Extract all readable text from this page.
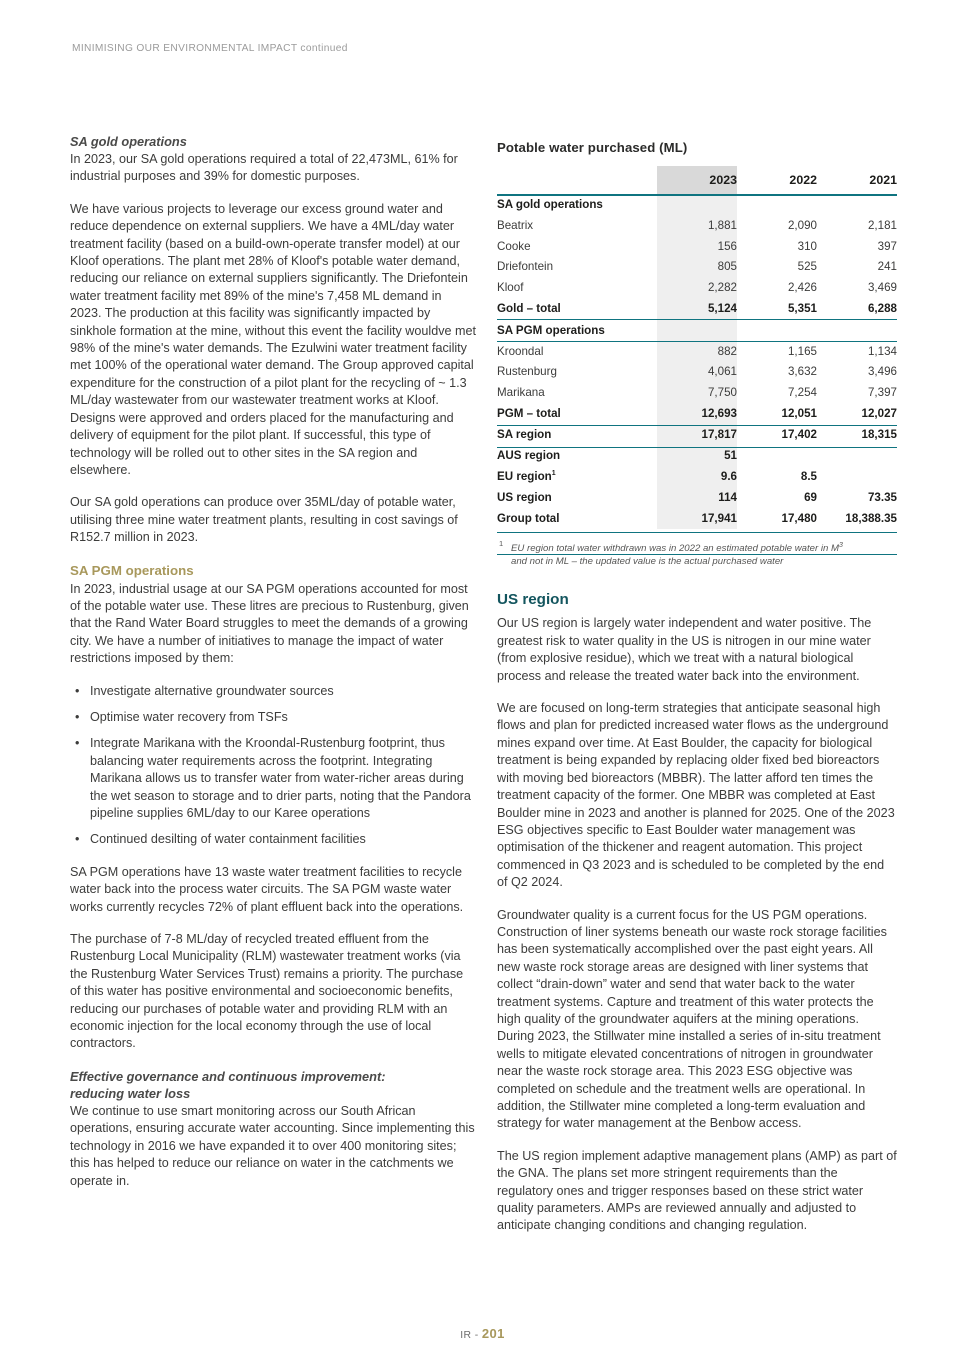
MINIMISING OUR ENVIRONMENTAL IMPACT continued
SA gold operations

In 2023, our SA gold operations required a total of 22,473ML, 61% for industrial purposes and 39% for domestic purposes.

We have various projects to leverage our excess ground water and reduce dependence on external suppliers. We have a 4ML/day water treatment facility (based on a build-own-operate transfer model) at our Kloof operations. The plant met 28% of Kloof's potable water demand, reducing our reliance on external suppliers significantly. The Driefontein water treatment facility met 89% of the mine's 7,458 ML demand in 2023. The production at this facility was significantly impacted by sinkhole formation at the mine, without this event the facility wouldve met 98% of the mine's water demands. The Ezulwini water treatment facility met 100% of the operational water demand. The Group approved capital expenditure for the construction of a pilot plant for the recycling of ~ 1.3 ML/day wastewater from our wastewater treatment works at Kloof. Designs were approved and orders placed for the manufacturing and delivery of equipment for the pilot plant. If successful, this type of technology will be rolled out to other sites in the SA region and elsewhere.

Our SA gold operations can produce over 35ML/day of potable water, utilising three mine water treatment plants, resulting in cost savings of R152.7 million in 2023.

SA PGM operations

In 2023, industrial usage at our SA PGM operations accounted for most of the potable water use. These litres are precious to Rustenburg, given that the Rand Water Board struggles to meet the demands of a growing city. We have a number of initiatives to manage the impact of water restrictions imposed by them:

• Investigate alternative groundwater sources
• Optimise water recovery from TSFs
• Integrate Marikana with the Kroondal-Rustenburg footprint, thus balancing water requirements across the footprint. Integrating Marikana allows us to transfer water from water-richer areas during the wet season to storage and to drier parts, noting that the Pandora pipeline supplies 6ML/day to our Karee operations
• Continued desilting of water containment facilities

SA PGM operations have 13 waste water treatment facilities to recycle water back into the process water circuits. The SA PGM waste water works currently recycles 72% of plant effluent back into the operations.

The purchase of 7-8 ML/day of recycled treated effluent from the Rustenburg Local Municipality (RLM) wastewater treatment works (via the Rustenburg Water Services Trust) remains a priority. The purchase of this water has positive environmental and socioeconomic benefits, reducing our purchases of potable water and providing RLM with an economic injection for the local economy through the use of local contractors.

Effective governance and continuous improvement:
reducing water loss

We continue to use smart monitoring across our South African operations, ensuring accurate water accounting. Since implementing this technology in 2016 we have expanded it to over 400 monitoring sites; this has helped to reduce our reliance on water in the catchments we operate in.

Potable water purchased (ML)
	2023	2022	2021
SA gold operations			
Beatrix	1,881	2,090	2,181
Cooke	156	310	397
Driefontein	805	525	241
Kloof	2,282	2,426	3,469
Gold – total	5,124	5,351	6,288
SA PGM operations			
Kroondal	882	1,165	1,134
Rustenburg	4,061	3,632	3,496
Marikana	7,750	7,254	7,397
PGM – total	12,693	12,051	12,027
SA region	17,817	17,402	18,315
AUS region	51		
EU region$^1$	9.6	8.5	
US region	114	69	73.35
Group total	17,941	17,480	18,388.35
1 EU region total water withdrawn was in 2022 an estimated potable water in $M^3$
and not in ML – the updated value is the actual purchased water
US region

Our US region is largely water independent and water positive. The greatest risk to water quality in the US is nitrogen in our mine water (from explosive residue), which we treat with a natural biological process and release the treated water back into the environment.

We are focused on long-term strategies that anticipate seasonal high flows and plan for predicted increased water flows as the underground mines expand over time. At East Boulder, the capacity for biological treatment is being expanded by replacing older fixed bed bioreactors with moving bed bioreactors (MBBR). The latter afford ten times the treatment capacity of the former. One MBBR was completed at East Boulder mine in 2023 and another is planned for 2025. One of the 2023 ESG objectives specific to East Boulder water management was optimisation of the thickener and reagent automation. This project commenced in Q3 2023 and is scheduled to be completed by the end of Q2 2024.

Groundwater quality is a current focus for the US PGM operations. Construction of liner systems beneath our waste rock storage facilities has been systematically accomplished over the past eight years. All new waste rock storage areas are designed with liner systems that collect “drain-down” water and send that water back to the water treatment systems. Capture and treatment of this water protects the high quality of the groundwater aquifers at the mining operations. During 2023, the Stillwater mine installed a series of in-situ treatment wells to mitigate elevated concentrations of nitrogen in groundwater near the waste rock storage area. This 2023 ESG objective was completed on schedule and the treatment wells are operational. In addition, the Stillwater mine completed a long-term evaluation and strategy for water management at the Benbow access.

The US region implement adaptive management plans (AMP) as part of the GNA. The plans set more stringent requirements than the regulatory ones and trigger responses based on these strict water quality parameters. AMPs are reviewed annually and adjusted to anticipate changing conditions and changing regulation.

IR - 201
